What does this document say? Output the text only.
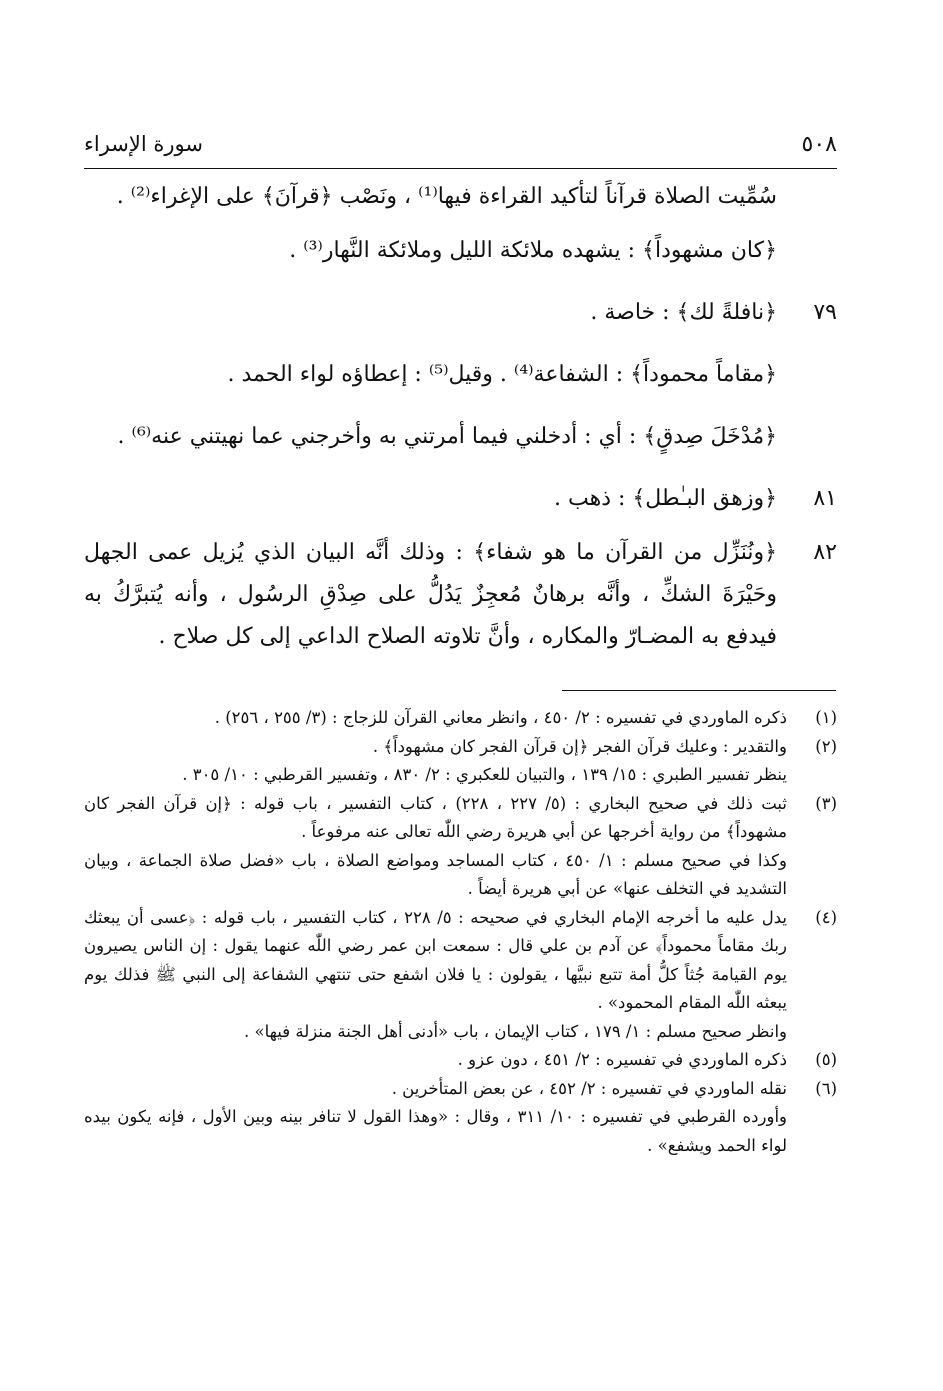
٥٠٨
سورة الإسراء
سُمِّيت الصلاة قرآناً لتأكيد القراءة فيها⁽¹⁾ ، ونَصْب ﴿قرآنَ﴾ على الإغراء⁽²⁾ .
﴿كان مشهوداً﴾ : يشهده ملائكة الليل وملائكة النَّهار⁽³⁾ .
٧٩
﴿نافلةً لك﴾ : خاصة .
﴿مقاماً محموداً﴾ : الشفاعة⁽⁴⁾ . وقيل⁽⁵⁾ : إعطاؤه لواء الحمد .
﴿مُدْخَلَ صِدقٍ﴾ : أي : أدخلني فيما أمرتني به وأخرجني عما نهيتني عنه⁽⁶⁾ .
٨١
﴿وزهق البـٰطل﴾ : ذهب .
٨٢
﴿ونُنَزِّل من القرآن ما هو شفاء﴾ : وذلك أنَّه البيان الذي يُزيل عمى الجهل وحَيْرَةَ الشكِّ ، وأنَّه برهانٌ مُعجِزٌ يَدُلُّ على صِدْقِ الرسُول ، وأنه يُتبرَّكُ به فيدفع به المضـارّ والمكاره ، وأنَّ تلاوته الصلاح الداعي إلى كل صلاح .
(١)
ذكره الماوردي في تفسيره : ٢/ ٤٥٠ ، وانظر معاني القرآن للزجاج : (٣/ ٢٥٥ ، ٢٥٦) .
(٢)
والتقدير : وعليك قرآن الفجر ﴿إن قرآن الفجر كان مشهوداً﴾ .
ينظر تفسير الطبري : ١٥/ ١٣٩ ، والتبيان للعكبري : ٢/ ٨٣٠ ، وتفسير القرطبي : ١٠/ ٣٠٥ .
(٣)
ثبت ذلك في صحيح البخاري : (٥/ ٢٢٧ ، ٢٢٨) ، كتاب التفسير ، باب قوله : ﴿إن قرآن الفجر كان مشهوداً﴾ من رواية أخرجها عن أبي هريرة رضي اللّٰه تعالى عنه مرفوعاً .
وكذا في صحيح مسلم : ١/ ٤٥٠ ، كتاب المساجد ومواضع الصلاة ، باب «فضل صلاة الجماعة ، وبيان التشديد في التخلف عنها» عن أبي هريرة أيضاً .
(٤)
يدل عليه ما أخرجه الإمام البخاري في صحيحه : ٥/ ٢٢٨ ، كتاب التفسير ، باب قوله : ﴿عسى أن يبعثك ربك مقاماً محموداً﴾ عن آدم بن علي قال : سمعت ابن عمر رضي اللّٰه عنهما يقول : إن الناس يصيرون يوم القيامة جُثاً كلُّ أمة تتبع نبيَّها ، يقولون : يا فلان اشفع حتى تنتهي الشفاعة إلى النبي ﷺ فذلك يوم يبعثه اللّٰه المقام المحمود» .
وانظر صحيح مسلم : ١/ ١٧٩ ، كتاب الإيمان ، باب «أدنى أهل الجنة منزلة فيها» .
(٥)
ذكره الماوردي في تفسيره : ٢/ ٤٥١ ، دون عزو .
(٦)
نقله الماوردي في تفسيره : ٢/ ٤٥٢ ، عن بعض المتأخرين .
وأورده القرطبي في تفسيره : ١٠/ ٣١١ ، وقال : «وهذا القول لا تنافر بينه وبين الأول ، فإنه يكون بيده لواء الحمد ويشفع» .
